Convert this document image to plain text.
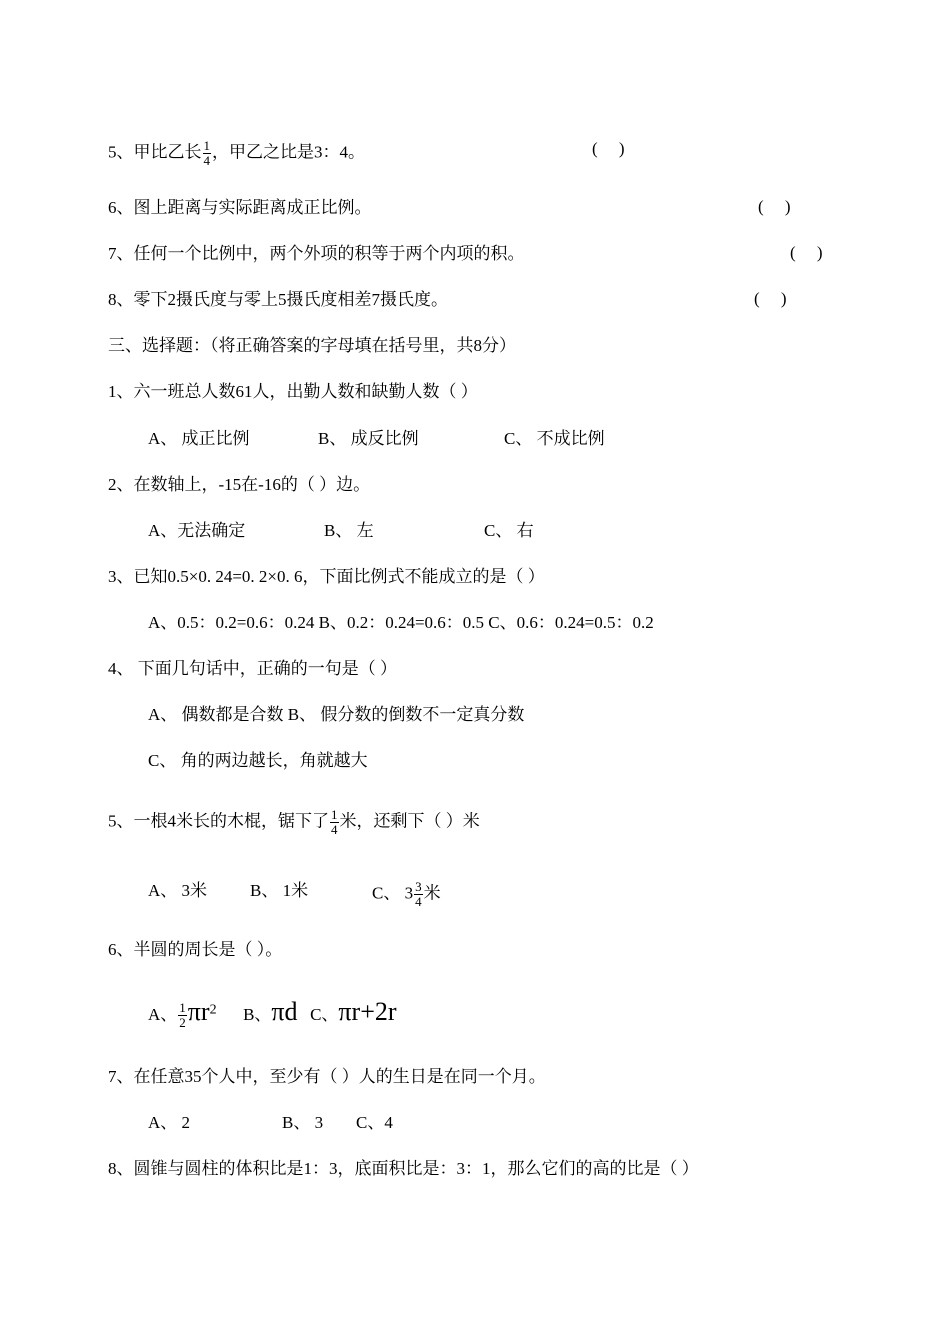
5、甲比乙长 $\frac{1}{4}$ ，甲乙之比是3：4。	(     )
6、图上距离与实际距离成正比例。	(     )
7、任何一个比例中，两个外项的积等于两个内项的积。	(     )
8、零下2摄氏度与零上5摄氏度相差7摄氏度。	(     )
三、选择题：（将正确答案的字母填在括号里，共8分）
1、六一班总人数61人，出勤人数和缺勤人数（ ）
A、 成正比例	B、 成反比例	C、 不成比例
2、在数轴上，-15在-16的（ ）边。
A、无法确定	B、 左	C、 右
3、已知0.5×0. 24=0. 2×0. 6，下面比例式不能成立的是（ ）
A、0.5：0.2=0.6：0.24 B、0.2：0.24=0.6：0.5 C、0.6：0.24=0.5：0.2
4、 下面几句话中，正确的一句是（ ）
A、 偶数都是合数 B、 假分数的倒数不一定真分数
C、 角的两边越长，角就越大
5、一根4米长的木棍，锯下了 $\frac{1}{4}$ 米，还剩下（ ）米
A、 3米	B、 1米	C、 $3 \frac{3}{4}$ 米
6、半圆的周长是（ ）。
A、 $\frac{1}{2} \pi r^2$ B、πd C、πr+2r
7、在任意35个人中，至少有（ ）人的生日是在同一个月。
A、 2	B、 3 C、4
8、圆锥与圆柱的体积比是1：3，底面积比是：3：1，那么它们的高的比是（ ）
